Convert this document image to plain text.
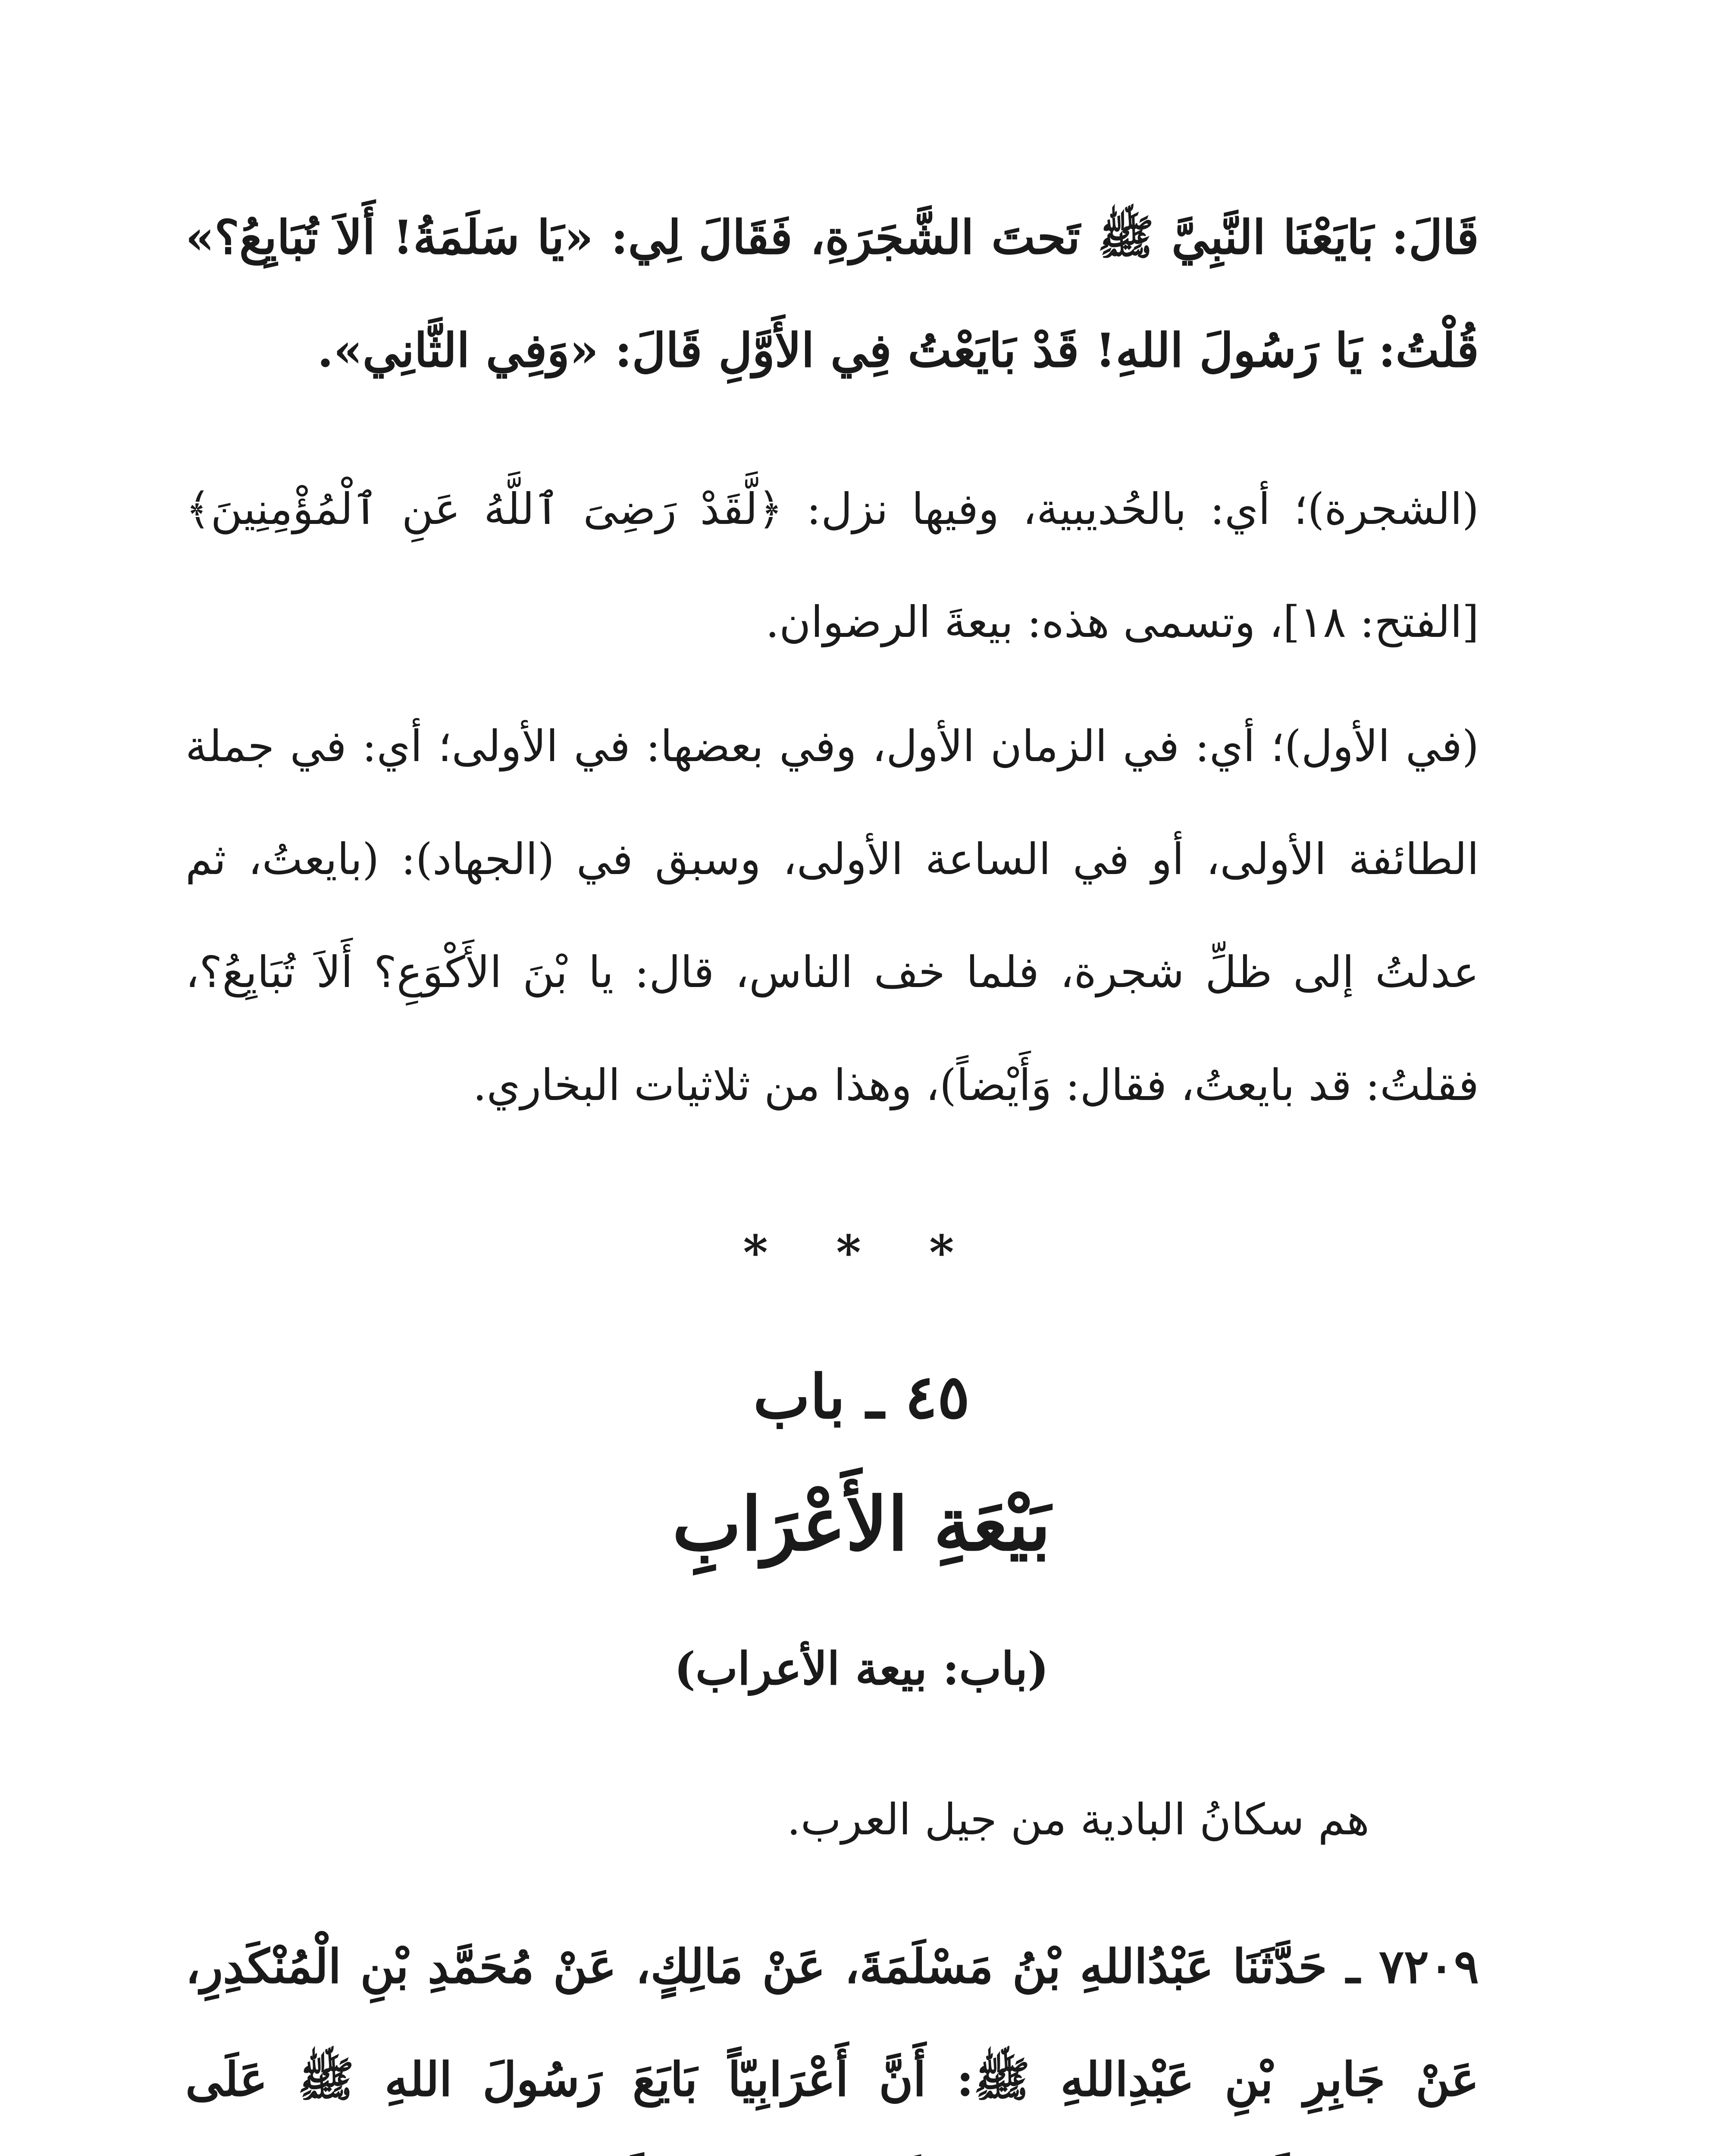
قَالَ: بَايَعْنَا النَّبِيَّ ﷺ تَحتَ الشَّجَرَةِ، فَقَالَ لِي: «يَا سَلَمَةُ! أَلاَ تُبَايِعُ؟» قُلْتُ: يَا رَسُولَ اللهِ! قَدْ بَايَعْتُ فِي الأَوَّلِ قَالَ: «وَفِي الثَّانِي».

(الشجرة)؛ أي: بالحُديبية، وفيها نزل: ﴿لَّقَدْ رَضِىَ ٱللَّهُ عَنِ ٱلْمُؤْمِنِينَ﴾ [الفتح: ١٨]، وتسمى هذه: بيعةَ الرضوان.

(في الأول)؛ أي: في الزمان الأول، وفي بعضها: في الأولى؛ أي: في جملة الطائفة الأولى، أو في الساعة الأولى، وسبق في (الجهاد): (بايعتُ، ثم عدلتُ إلى ظلِّ شجرة، فلما خف الناس، قال: يا بْنَ الأَكْوَعِ؟ أَلاَ تُبَايِعُ؟، فقلتُ: قد بايعتُ، فقال: وَأَيْضاً)، وهذا من ثلاثيات البخاري.

* * *
٤٥ ـ باب
بَيْعَةِ الأَعْرَابِ
(باب: بيعة الأعراب)

هم سكانُ البادية من جيل العرب.

٧٢٠٩ ـ حَدَّثَنَا عَبْدُاللهِ بْنُ مَسْلَمَةَ، عَنْ مَالِكٍ، عَنْ مُحَمَّدِ بْنِ الْمُنْكَدِرِ، عَنْ جَابِرِ بْنِ عَبْدِاللهِ ﷺ: أَنَّ أَعْرَابِيّاً بَايَعَ رَسُولَ اللهِ ﷺ عَلَى
